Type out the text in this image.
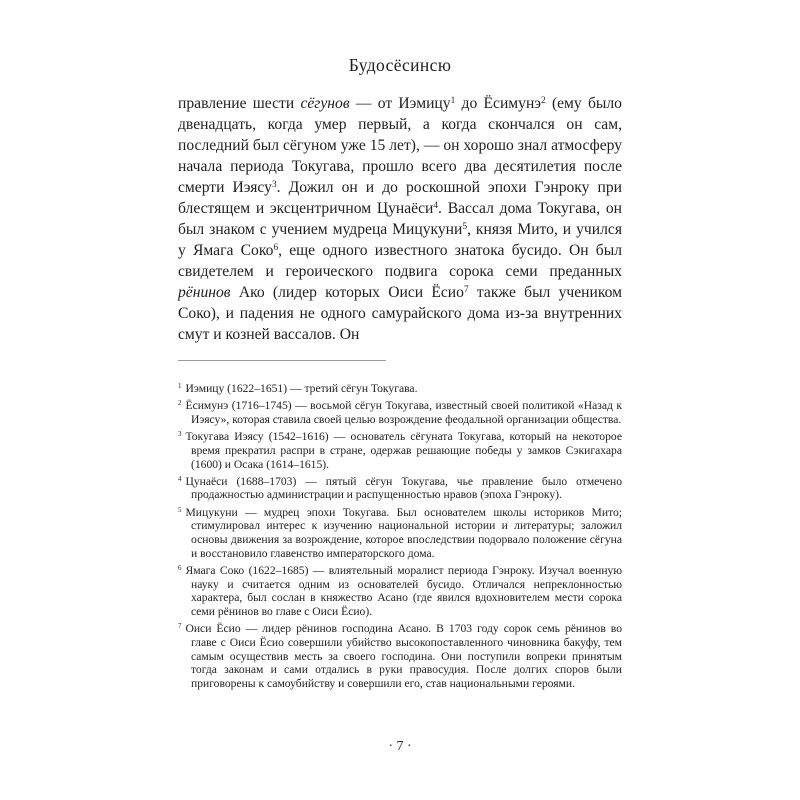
Будосёсинсю

правление шести сёгунов — от Иэмицу$^1$ до Ёсимунэ$^2$ (ему было двенадцать, когда умер первый, а когда скончался он сам, последний был сёгуном уже 15 лет), — он хорошо знал атмосферу начала периода Токугава, прошло всего два десятилетия после смерти Иэясу$^3$. Дожил он и до роскошной эпохи Гэнроку при блестящем и эксцентричном Цунаёси$^4$. Вассал дома Токугава, он был знаком с учением мудреца Мицукуни$^5$, князя Мито, и учился у Ямага Соко$^6$, еще одного известного знатока бусидо. Он был свидетелем и героического подвига сорока семи преданных рёнинов Ако (лидер которых Оиси Ёсио$^7$ также был учеником Соко), и падения не одного самурайского дома из-за внутренних смут и козней вассалов. Он

$^1$ Иэмицу (1622–1651) — третий сёгун Токугава.
$^2$ Ёсимунэ (1716–1745) — восьмой сёгун Токугава, известный своей политикой «Назад к Иэясу», которая ставила своей целью возрождение феодальной организации общества.
$^3$ Токугава Иэясу (1542–1616) — основатель сёгуната Токугава, который на некоторое время прекратил распри в стране, одержав решающие победы у замков Сэкигахара (1600) и Осака (1614–1615).
$^4$ Цунаёси (1688–1703) — пятый сёгун Токугава, чье правление было отмечено продажностью администрации и распущенностью нравов (эпоха Гэнроку).
$^5$ Мицукуни — мудрец эпохи Токугава. Был основателем школы историков Мито; стимулировал интерес к изучению национальной истории и литературы; заложил основы движения за возрождение, которое впоследствии подорвало положение сёгуна и восстановило главенство императорского дома.
$^6$ Ямага Соко (1622–1685) — влиятельный моралист периода Гэнроку. Изучал военную науку и считается одним из основателей бусидо. Отличался непреклонностью характера, был сослан в княжество Асано (где явился вдохновителем мести сорока семи рёнинов во главе с Оиси Ёсио).
$^7$ Оиси Ёсио — лидер рёнинов господина Асано. В 1703 году сорок семь рёнинов во главе с Оиси Ёсио совершили убийство высокопоставленного чиновника бакуфу, тем самым осуществив месть за своего господина. Они поступили вопреки принятым тогда законам и сами отдались в руки правосудия. После долгих споров были приговорены к самоубийству и совершили его, став национальными героями.
· 7 ·
